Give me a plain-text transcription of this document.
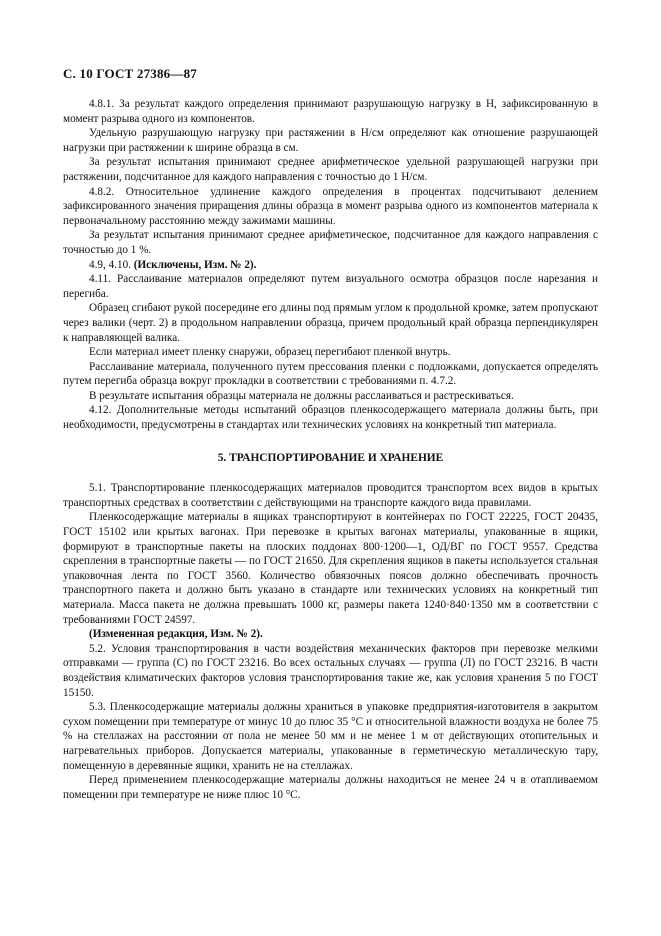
С. 10 ГОСТ 27386—87

4.8.1. За результат каждого определения принимают разрушающую нагрузку в Н, зафиксированную в момент разрыва одного из компонентов.

Удельную разрушающую нагрузку при растяжении в Н/см определяют как отношение разрушающей нагрузки при растяжении к ширине образца в см.

За результат испытания принимают среднее арифметическое удельной разрушающей нагрузки при растяжении, подсчитанное для каждого направления с точностью до 1 Н/см.

4.8.2. Относительное удлинение каждого определения в процентах подсчитывают делением зафиксированного значения приращения длины образца в момент разрыва одного из компонентов материала к первоначальному расстоянию между зажимами машины.

За результат испытания принимают среднее арифметическое, подсчитанное для каждого направления с точностью до 1 %.

4.9, 4.10. (Исключены, Изм. № 2).

4.11. Расслаивание материалов определяют путем визуального осмотра образцов после нарезания и перегиба.

Образец сгибают рукой посередине его длины под прямым углом к продольной кромке, затем пропускают через валики (черт. 2) в продольном направлении образца, причем продольный край образца перпендикулярен к направляющей валика.

Если материал имеет пленку снаружи, образец перегибают пленкой внутрь.

Расслаивание материала, полученного путем прессования пленки с подложками, допускается определять путем перегиба образца вокруг прокладки в соответствии с требованиями п. 4.7.2.

В результате испытания образцы материала не должны расслаиваться и растрескиваться.

4.12. Дополнительные методы испытаний образцов пленкосодержащего материала должны быть, при необходимости, предусмотрены в стандартах или технических условиях на конкретный тип материала.

5. ТРАНСПОРТИРОВАНИЕ И ХРАНЕНИЕ

5.1. Транспортирование пленкосодержащих материалов проводится транспортом всех видов в крытых транспортных средствах в соответствии с действующими на транспорте каждого вида правилами.

Пленкосодержащие материалы в ящиках транспортируют в контейнерах по ГОСТ 22225, ГОСТ 20435, ГОСТ 15102 или крытых вагонах. При перевозке в крытых вагонах материалы, упакованные в ящики, формируют в транспортные пакеты на плоских поддонах 800·1200—1, ОД/ВГ по ГОСТ 9557. Средства скрепления в транспортные пакеты — по ГОСТ 21650. Для скрепления ящиков в пакеты используется стальная упаковочная лента по ГОСТ 3560. Количество обвязочных поясов должно обеспечивать прочность транспортного пакета и должно быть указано в стандарте или технических условиях на конкретный тип материала. Масса пакета не должна превышать 1000 кг, размеры пакета 1240·840·1350 мм в соответствии с требованиями ГОСТ 24597.

(Измененная редакция, Изм. № 2).

5.2. Условия транспортирования в части воздействия механических факторов при перевозке мелкими отправками — группа (С) по ГОСТ 23216. Во всех остальных случаях — группа (Л) по ГОСТ 23216. В части воздействия климатических факторов условия транспортирования такие же, как условия хранения 5 по ГОСТ 15150.

5.3. Пленкосодержащие материалы должны храниться в упаковке предприятия-изготовителя в закрытом сухом помещении при температуре от минус 10 до плюс 35 °С и относительной влажности воздуха не более 75 % на стеллажах на расстоянии от пола не менее 50 мм и не менее 1 м от действующих отопительных и нагревательных приборов. Допускается материалы, упакованные в герметическую металлическую тару, помещенную в деревянные ящики, хранить не на стеллажах.

Перед применением пленкосодержащие материалы должны находиться не менее 24 ч в отапливаемом помещении при температуре не ниже плюс 10 °С.
